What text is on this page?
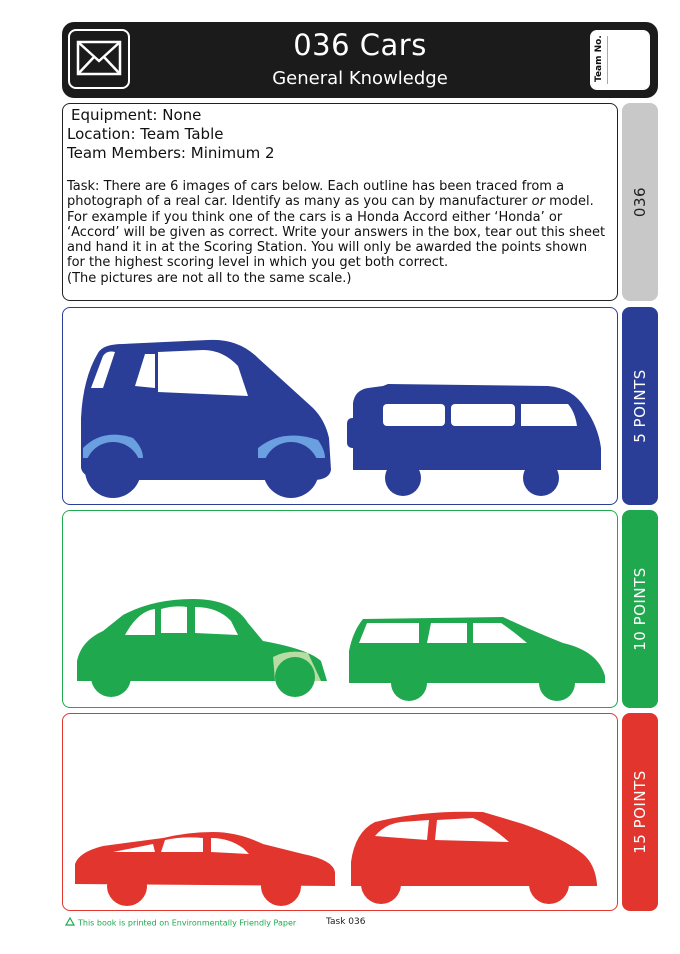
036 Cars
General Knowledge	Team No.
Equipment: None
Location: Team Table
Team Members: Minimum 2
Task: There are 6 images of cars below. Each outline has been traced from a photograph of a real car. Identify as many as you can by manufacturer or model. For example if you think one of the cars is a Honda Accord either ‘Honda’ or ‘Accord’ will be given as correct. Write your answers in the box, tear out this sheet and hand it in at the Scoring Station. You will only be awarded the points shown for the highest scoring level in which you get both correct.
(The pictures are not all to the same scale.)
036
5 POINTS
10 POINTS
15 POINTS
This book is printed on Environmentally Friendly Paper	Task 036
